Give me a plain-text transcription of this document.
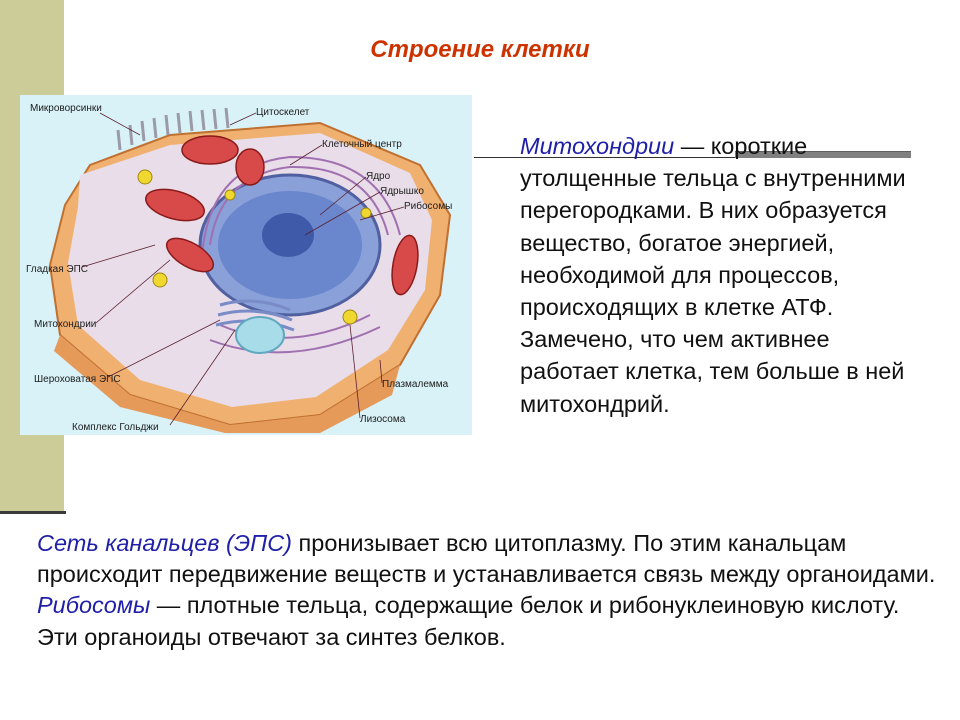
Строение клетки
Микроворсинки	Цитоскелет
Клеточный центр
Ядро
Ядрышко
Рибосомы
Гладкая ЭПС
Митохондрии
Шероховатая ЭПС	Плазмалемма
Лизосома
Комплекс Гольджи
Митохондрии — короткие утолщенные тельца с внутренними перегородками. В них образуется вещество, богатое энергией, необходимой для процессов, происходящих в клетке АТФ. Замечено, что чем активнее работает клетка, тем больше в ней митохондрий.
Сеть канальцев (ЭПС) пронизывает всю цитоплазму. По этим канальцам происходит передвижение веществ и устанавливается связь между органоидами.
Рибосомы — плотные тельца, содержащие белок и рибонуклеиновую кислоту. Эти органоиды отвечают за синтез белков.
